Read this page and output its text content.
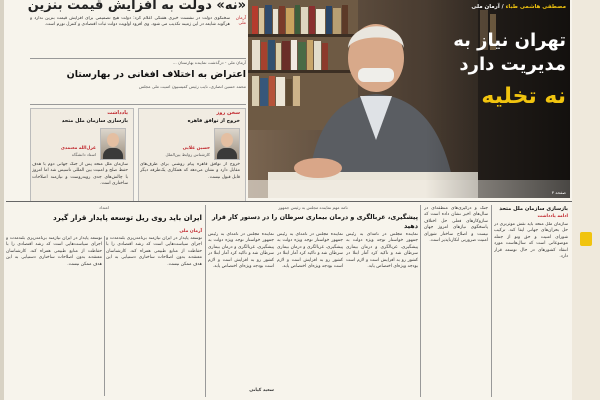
«نه» دولت به افزایش قیمت بنزین
سخنگوی دولت در نشست خبری هفتگی اعلام کرد: دولت هیچ تصمیمی برای افزایش قیمت بنزین ندارد و هرگونه شایعه در این زمینه تکذیب می شود. وی افزود اولویت دولت ثبات اقتصادی و کنترل تورم است.
آرمان ملی
آرمان ملی - درگذشت نماینده بهارستان ...
اعتراض به اختلاف افغانی در بهارستان
محمد حسین انصاری، نایب رئیس کمیسیون امنیت ملی مجلس
یادداشت
بازسازی سازمان ملل متحد
غزل‌الله معتمدی
استاد دانشگاه
سازمان ملل متحد پس از جنگ جهانی دوم با هدف حفظ صلح و امنیت بین المللی تاسیس شد اما امروز با چالش‌های جدی روبه‌روست و نیازمند اصلاحات ساختاری است.
سخن روز
خروج از توافق قاهره
حسین علایی
کارشناس روابط بین‌الملل
خروج از توافق قاهره پیام روشنی برای طرف‌های مقابل دارد و نشان می‌دهد که همکاری یک‌طرفه دیگر قابل قبول نیست.
مصطفی هاشمی طباء / آرمان ملی
تهران نیاز به
مدیریت دارد
نه تخلیه
صفحه ۳
امتداد
ایران باید روی ریل توسعه پایدار قرار گیرد
آرمان ملی
توسعه پایدار در ایران نیازمند برنامه‌ریزی بلندمدت و اجرای سیاست‌هایی است که رشد اقتصادی را با حفاظت از منابع طبیعی همراه کند. کارشناسان معتقدند بدون اصلاحات ساختاری دستیابی به این هدف ممکن نیست.
توسعه پایدار در ایران نیازمند برنامه‌ریزی بلندمدت و اجرای سیاست‌هایی است که رشد اقتصادی را با حفاظت از منابع طبیعی همراه کند. کارشناسان معتقدند بدون اصلاحات ساختاری دستیابی به این هدف ممکن نیست.
نامه مهم نماینده مجلس به رئیس جمهور
پیشگیری، غربالگری و درمان بیماری سرطان را در دستور کار قرار دهید
نماینده مجلس در نامه‌ای به رئیس جمهور خواستار توجه ویژه دولت به پیشگیری، غربالگری و درمان بیماری سرطان شد و تاکید کرد آمار ابتلا در کشور رو به افزایش است و لازم است بودجه ویژه‌ای اختصاص یابد.
نماینده مجلس در نامه‌ای به رئیس جمهور خواستار توجه ویژه دولت به پیشگیری، غربالگری و درمان بیماری سرطان شد و تاکید کرد آمار ابتلا در کشور رو به افزایش است و لازم است بودجه ویژه‌ای اختصاص یابد.
نماینده مجلس در نامه‌ای به رئیس جمهور خواستار توجه ویژه دولت به پیشگیری، غربالگری و درمان بیماری سرطان شد و تاکید کرد آمار ابتلا در کشور رو به افزایش است و لازم است بودجه ویژه‌ای اختصاص یابد.
سعید کیانی
جنگ و درگیری‌های منطقه‌ای در سال‌های اخیر نشان داده است که سازوکارهای فعلی حل اختلاف پاسخگوی نیازهای امروز جهان نیست و اصلاح ساختار شورای امنیت ضرورتی انکارناپذیر است.
بازسازی سازمان ملل متحد
ادامه یادداشت
سازمان ملل متحد باید نقش موثرتری در حل بحران‌های جهانی ایفا کند. ترکیب شورای امنیت و حق وتو از جمله موضوعاتی است که سال‌هاست مورد انتقاد کشورهای در حال توسعه قرار دارد.
